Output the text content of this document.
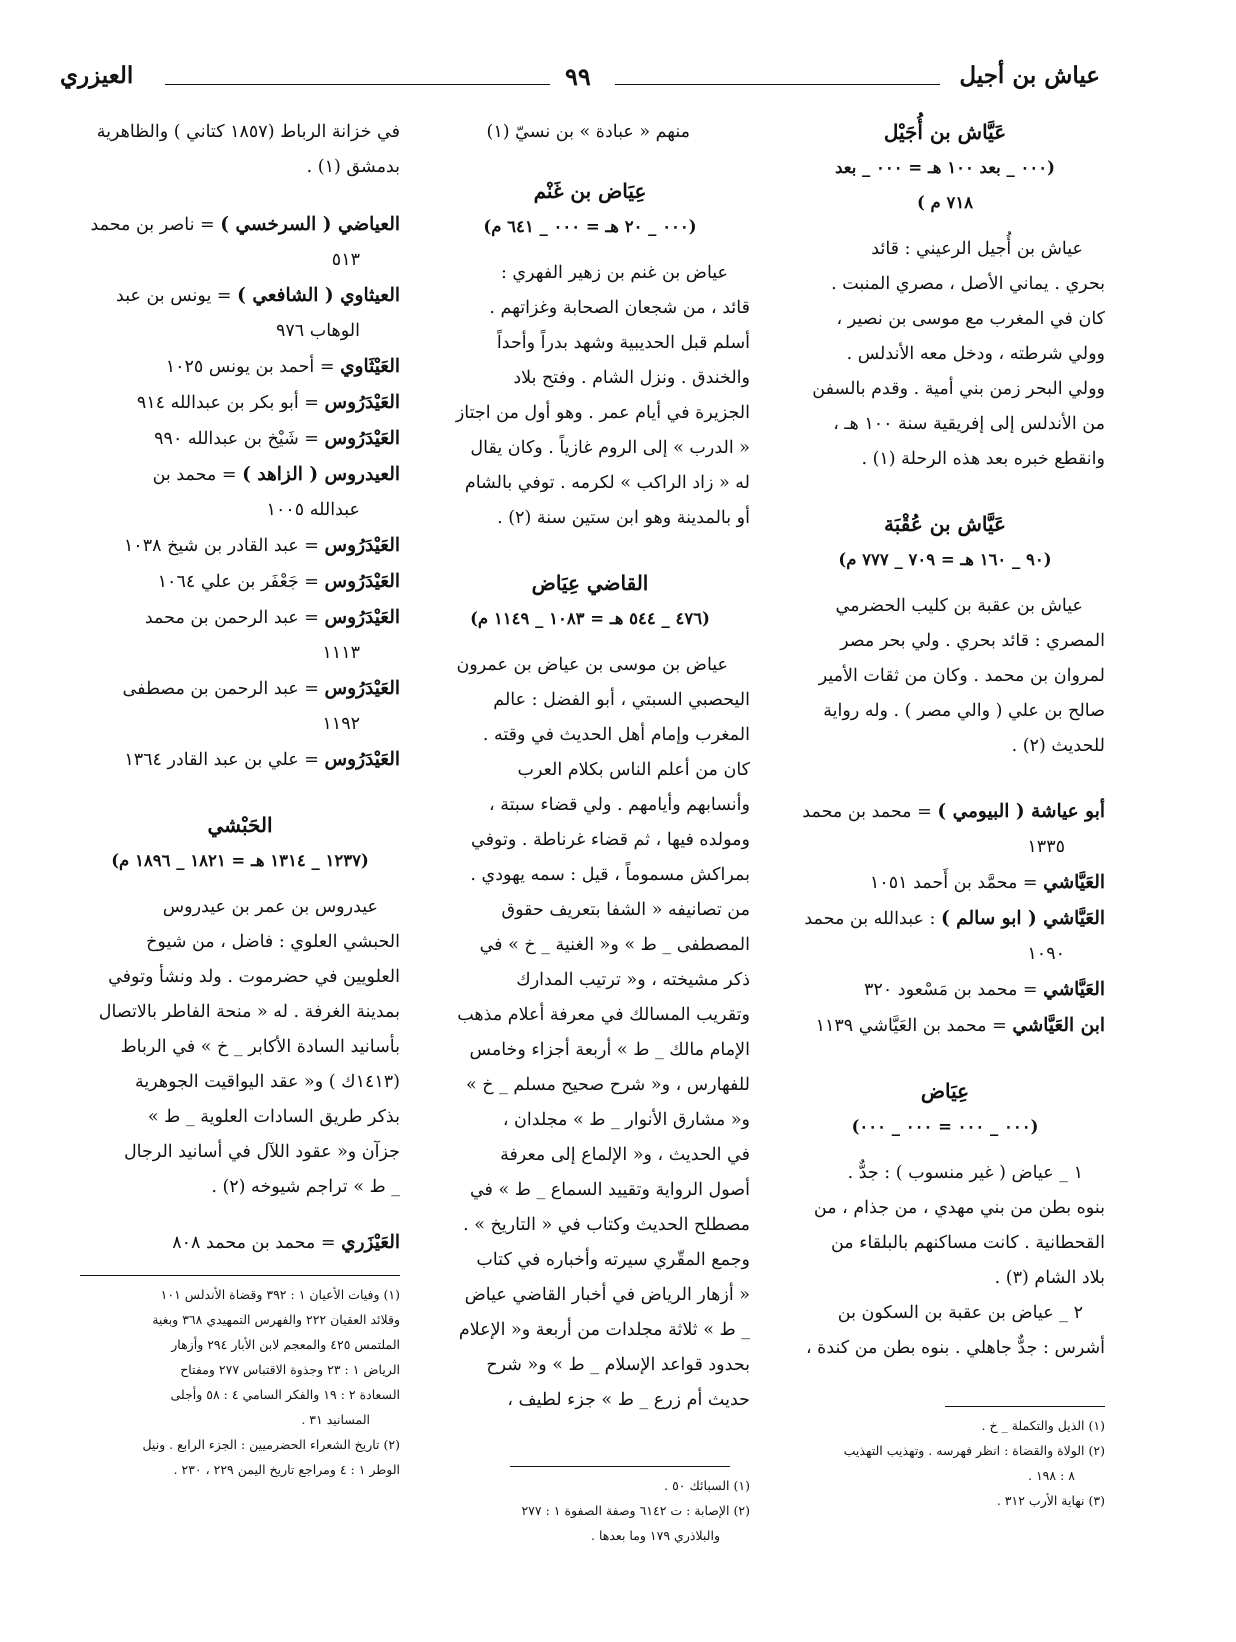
عياش بن أجيل
٩٩
العيزري
عَيَّاش بن أُجَيْل
(٠٠٠ _ بعد ١٠٠ هـ = ٠٠٠ _ بعد
٧١٨ م )

عياش بن أُجيل الرعيني : قائد

بحري . يماني الأصل ، مصري المنبت .

كان في المغرب مع موسى بن نصير ،

وولي شرطته ، ودخل معه الأندلس .

وولي البحر زمن بني أمية . وقدم بالسفن

من الأندلس إلى إفريقية سنة ١٠٠ هـ ،

وانقطع خبره بعد هذه الرحلة (١) .

عَيَّاش بن عُقْبَة
(٩٠ _ ١٦٠ هـ = ٧٠٩ _ ٧٧٧ م)

عياش بن عقبة بن كليب الحضرمي

المصري : قائد بحري . ولي بحر مصر

لمروان بن محمد . وكان من ثقات الأمير

صالح بن علي ( والي مصر ) . وله رواية

للحديث (٢) .

أبو عياشة ( البيومي ) = محمد بن محمد

١٣٣٥

العَيَّاشي = محمَّد بن أَحمد ١٠٥١

العَيَّاشي ( ابو سالم ) : عبدالله بن محمد

١٠٩٠

العَيَّاشي = محمد بن مَسْعود ٣٢٠

ابن العَيَّاشي = محمد بن العَيَّاشي ١١٣٩

عِيَاض
(٠٠٠ _ ٠٠٠ = ٠٠٠ _ ٠٠٠)

١ _ عياض ( غير منسوب ) : جدٌّ .

بنوه بطن من بني مهدي ، من جذام ، من

القحطانية . كانت مساكنهم بالبلقاء من

بلاد الشام (٣) .

٢ _ عياض بن عقبة بن السكون بن

أشرس : جدٌّ جاهلي . بنوه بطن من كندة ،

(١) الذيل والتكملة _ خ .

(٢) الولاة والقضاة : انظر فهرسه . وتهذيب التهذيب

٨ : ١٩٨ .

(٣) نهاية الأرب ٣١٢ .

منهم « عبادة » بن نسيّ (١)

عِيَاض بن غَنْم
(٠٠٠ _ ٢٠ هـ = ٠٠٠ _ ٦٤١ م)

عياض بن غنم بن زهير الفهري :

قائد ، من شجعان الصحابة وغزاتهم .

أسلم قبل الحديبية وشهد بدراً وأحداً

والخندق . ونزل الشام . وفتح بلاد

الجزيرة في أيام عمر . وهو أول من اجتاز

« الدرب » إلى الروم غازياً . وكان يقال

له « زاد الراكب » لكرمه . توفي بالشام

أو بالمدينة وهو ابن ستين سنة (٢) .

القاضي عِيَاض
(٤٧٦ _ ٥٤٤ هـ = ١٠٨٣ _ ١١٤٩ م)

عياض بن موسى بن عياض بن عمرون

اليحصبي السبتي ، أبو الفضل : عالم

المغرب وإمام أهل الحديث في وقته .

كان من أعلم الناس بكلام العرب

وأنسابهم وأيامهم . ولي قضاء سبتة ،

ومولده فيها ، ثم قضاء غرناطة . وتوفي

بمراكش مسموماً ، قيل : سمه يهودي .

من تصانيفه « الشفا بتعريف حقوق

المصطفى _ ط » و« الغنية _ خ » في

ذكر مشيخته ، و« ترتيب المدارك

وتقريب المسالك في معرفة أعلام مذهب

الإمام مالك _ ط » أربعة أجزاء وخامس

للفهارس ، و« شرح صحيح مسلم _ خ »

و« مشارق الأنوار _ ط » مجلدان ،

في الحديث ، و« الإلماع إلى معرفة

أصول الرواية وتقييد السماع _ ط » في

مصطلح الحديث وكتاب في « التاريخ » .

وجمع المقّري سيرته وأخباره في كتاب

« أزهار الرياض في أخبار القاضي عياض

_ ط » ثلاثة مجلدات من أربعة و« الإعلام

بحدود قواعد الإسلام _ ط » و« شرح

حديث أم زرع _ ط » جزء لطيف ،

(١) السبائك ٥٠ .

(٢) الإصابة : ت ٦١٤٢ وصفة الصفوة ١ : ٢٧٧

والبلاذري ١٧٩ وما بعدها .

في خزانة الرباط (١٨٥٧ كتاني ) والظاهرية

بدمشق (١) .

العياضي ( السرخسي ) = ناصر بن محمد

٥١٣

العيثاوي ( الشافعي ) = يونس بن عبد

الوهاب ٩٧٦

العَيْثَاوي = أحمد بن يونس ١٠٢٥

العَيْدَرُوس = أبو بكر بن عبدالله ٩١٤

العَيْدَرُوس = شَيْخ بن عبدالله ٩٩٠

العيدروس ( الزاهد ) = محمد بن

عبدالله ١٠٠٥

العَيْدَرُوس = عبد القادر بن شيخ ١٠٣٨

العَيْدَرُوس = جَعْفَر بن علي ١٠٦٤

العَيْدَرُوس = عبد الرحمن بن محمد

١١١٣

العَيْدَرُوس = عبد الرحمن بن مصطفى

١١٩٢

العَيْدَرُوس = علي بن عبد القادر ١٣٦٤

الحَبْشي
(١٢٣٧ _ ١٣١٤ هـ = ١٨٢١ _ ١٨٩٦ م)

عيدروس بن عمر بن عيدروس

الحبشي العلوي : فاضل ، من شيوخ

العلويين في حضرموت . ولد ونشأ وتوفي

بمدينة الغرفة . له « منحة الفاطر بالاتصال

بأسانيد السادة الأكابر _ خ » في الرباط

(١٤١٣ك ) و« عقد اليواقيت الجوهرية

بذكر طريق السادات العلوية _ ط »

جزآن و« عقود اللآل في أسانيد الرجال

_ ط » تراجم شيوخه (٢) .

العَيْزَري = محمد بن محمد ٨٠٨

(١) وفيات الأعيان ١ : ٣٩٢ وقضاة الأندلس ١٠١

وقلائد العقيان ٢٢٢ والفهرس التمهيدي ٣٦٨ وبغية

الملتمس ٤٢٥ والمعجم لابن الأبار ٢٩٤ وأزهار

الرياض ١ : ٢٣ وجذوة الاقتباس ٢٧٧ ومفتاح

السعادة ٢ : ١٩ والفكر السامي ٤ : ٥٨ وأجلى

المسانيد ٣١ .

(٢) تاريخ الشعراء الحضرميين : الجزء الرابع . ونيل

الوطر ١ : ٤ ومراجع تاريخ اليمن ٢٢٩ ، ٢٣٠ .
